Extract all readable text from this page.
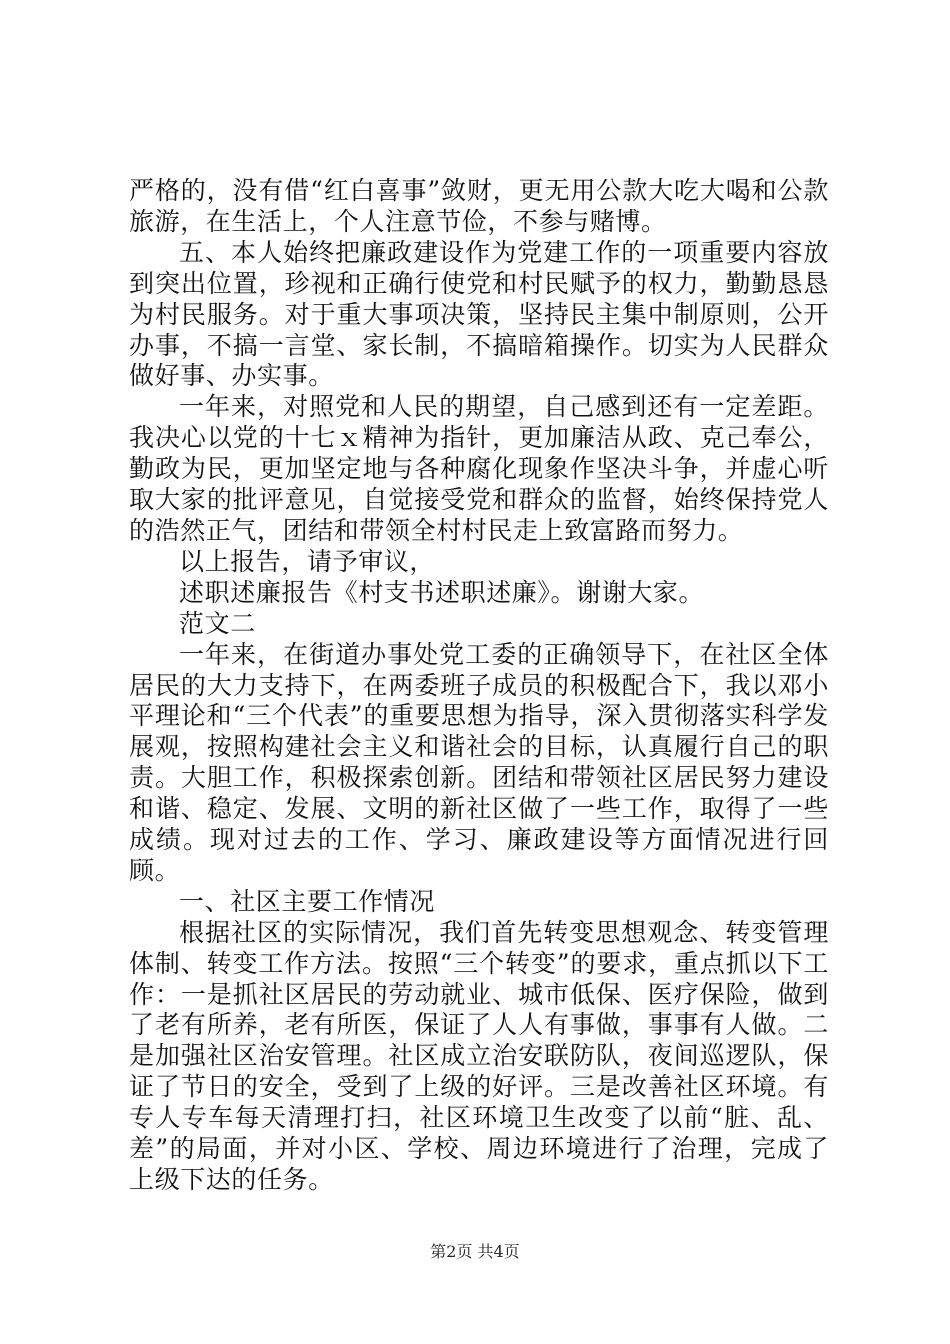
严格的，没有借“红白喜事”敛财，更无用公款大吃大喝和公款旅游，在生活上，个人注意节俭，不参与赌博。

五、本人始终把廉政建设作为党建工作的一项重要内容放到突出位置，珍视和正确行使党和村民赋予的权力，勤勤恳恳为村民服务。对于重大事项决策，坚持民主集中制原则，公开办事，不搞一言堂、家长制，不搞暗箱操作。切实为人民群众做好事、办实事。

一年来，对照党和人民的期望，自己感到还有一定差距。我决心以党的十七ｘ精神为指针，更加廉洁从政、克己奉公，勤政为民，更加坚定地与各种腐化现象作坚决斗争，并虚心听取大家的批评意见，自觉接受党和群众的监督，始终保持党人的浩然正气，团结和带领全村村民走上致富路而努力。

以上报告，请予审议，

述职述廉报告《村支书述职述廉》。谢谢大家。

范文二

一年来，在街道办事处党工委的正确领导下，在社区全体居民的大力支持下，在两委班子成员的积极配合下，我以邓小平理论和“三个代表”的重要思想为指导，深入贯彻落实科学发展观，按照构建社会主义和谐社会的目标，认真履行自己的职责。大胆工作，积极探索创新。团结和带领社区居民努力建设和谐、稳定、发展、文明的新社区做了一些工作，取得了一些成绩。现对过去的工作、学习、廉政建设等方面情况进行回顾。

一、社区主要工作情况

根据社区的实际情况，我们首先转变思想观念、转变管理体制、转变工作方法。按照“三个转变”的要求，重点抓以下工作：一是抓社区居民的劳动就业、城市低保、医疗保险，做到了老有所养，老有所医，保证了人人有事做，事事有人做。二是加强社区治安管理。社区成立治安联防队，夜间巡逻队，保证了节日的安全，受到了上级的好评。三是改善社区环境。有专人专车每天清理打扫，社区环境卫生改变了以前“脏、乱、差”的局面，并对小区、学校、周边环境进行了治理，完成了上级下达的任务。

第2页 共4页
